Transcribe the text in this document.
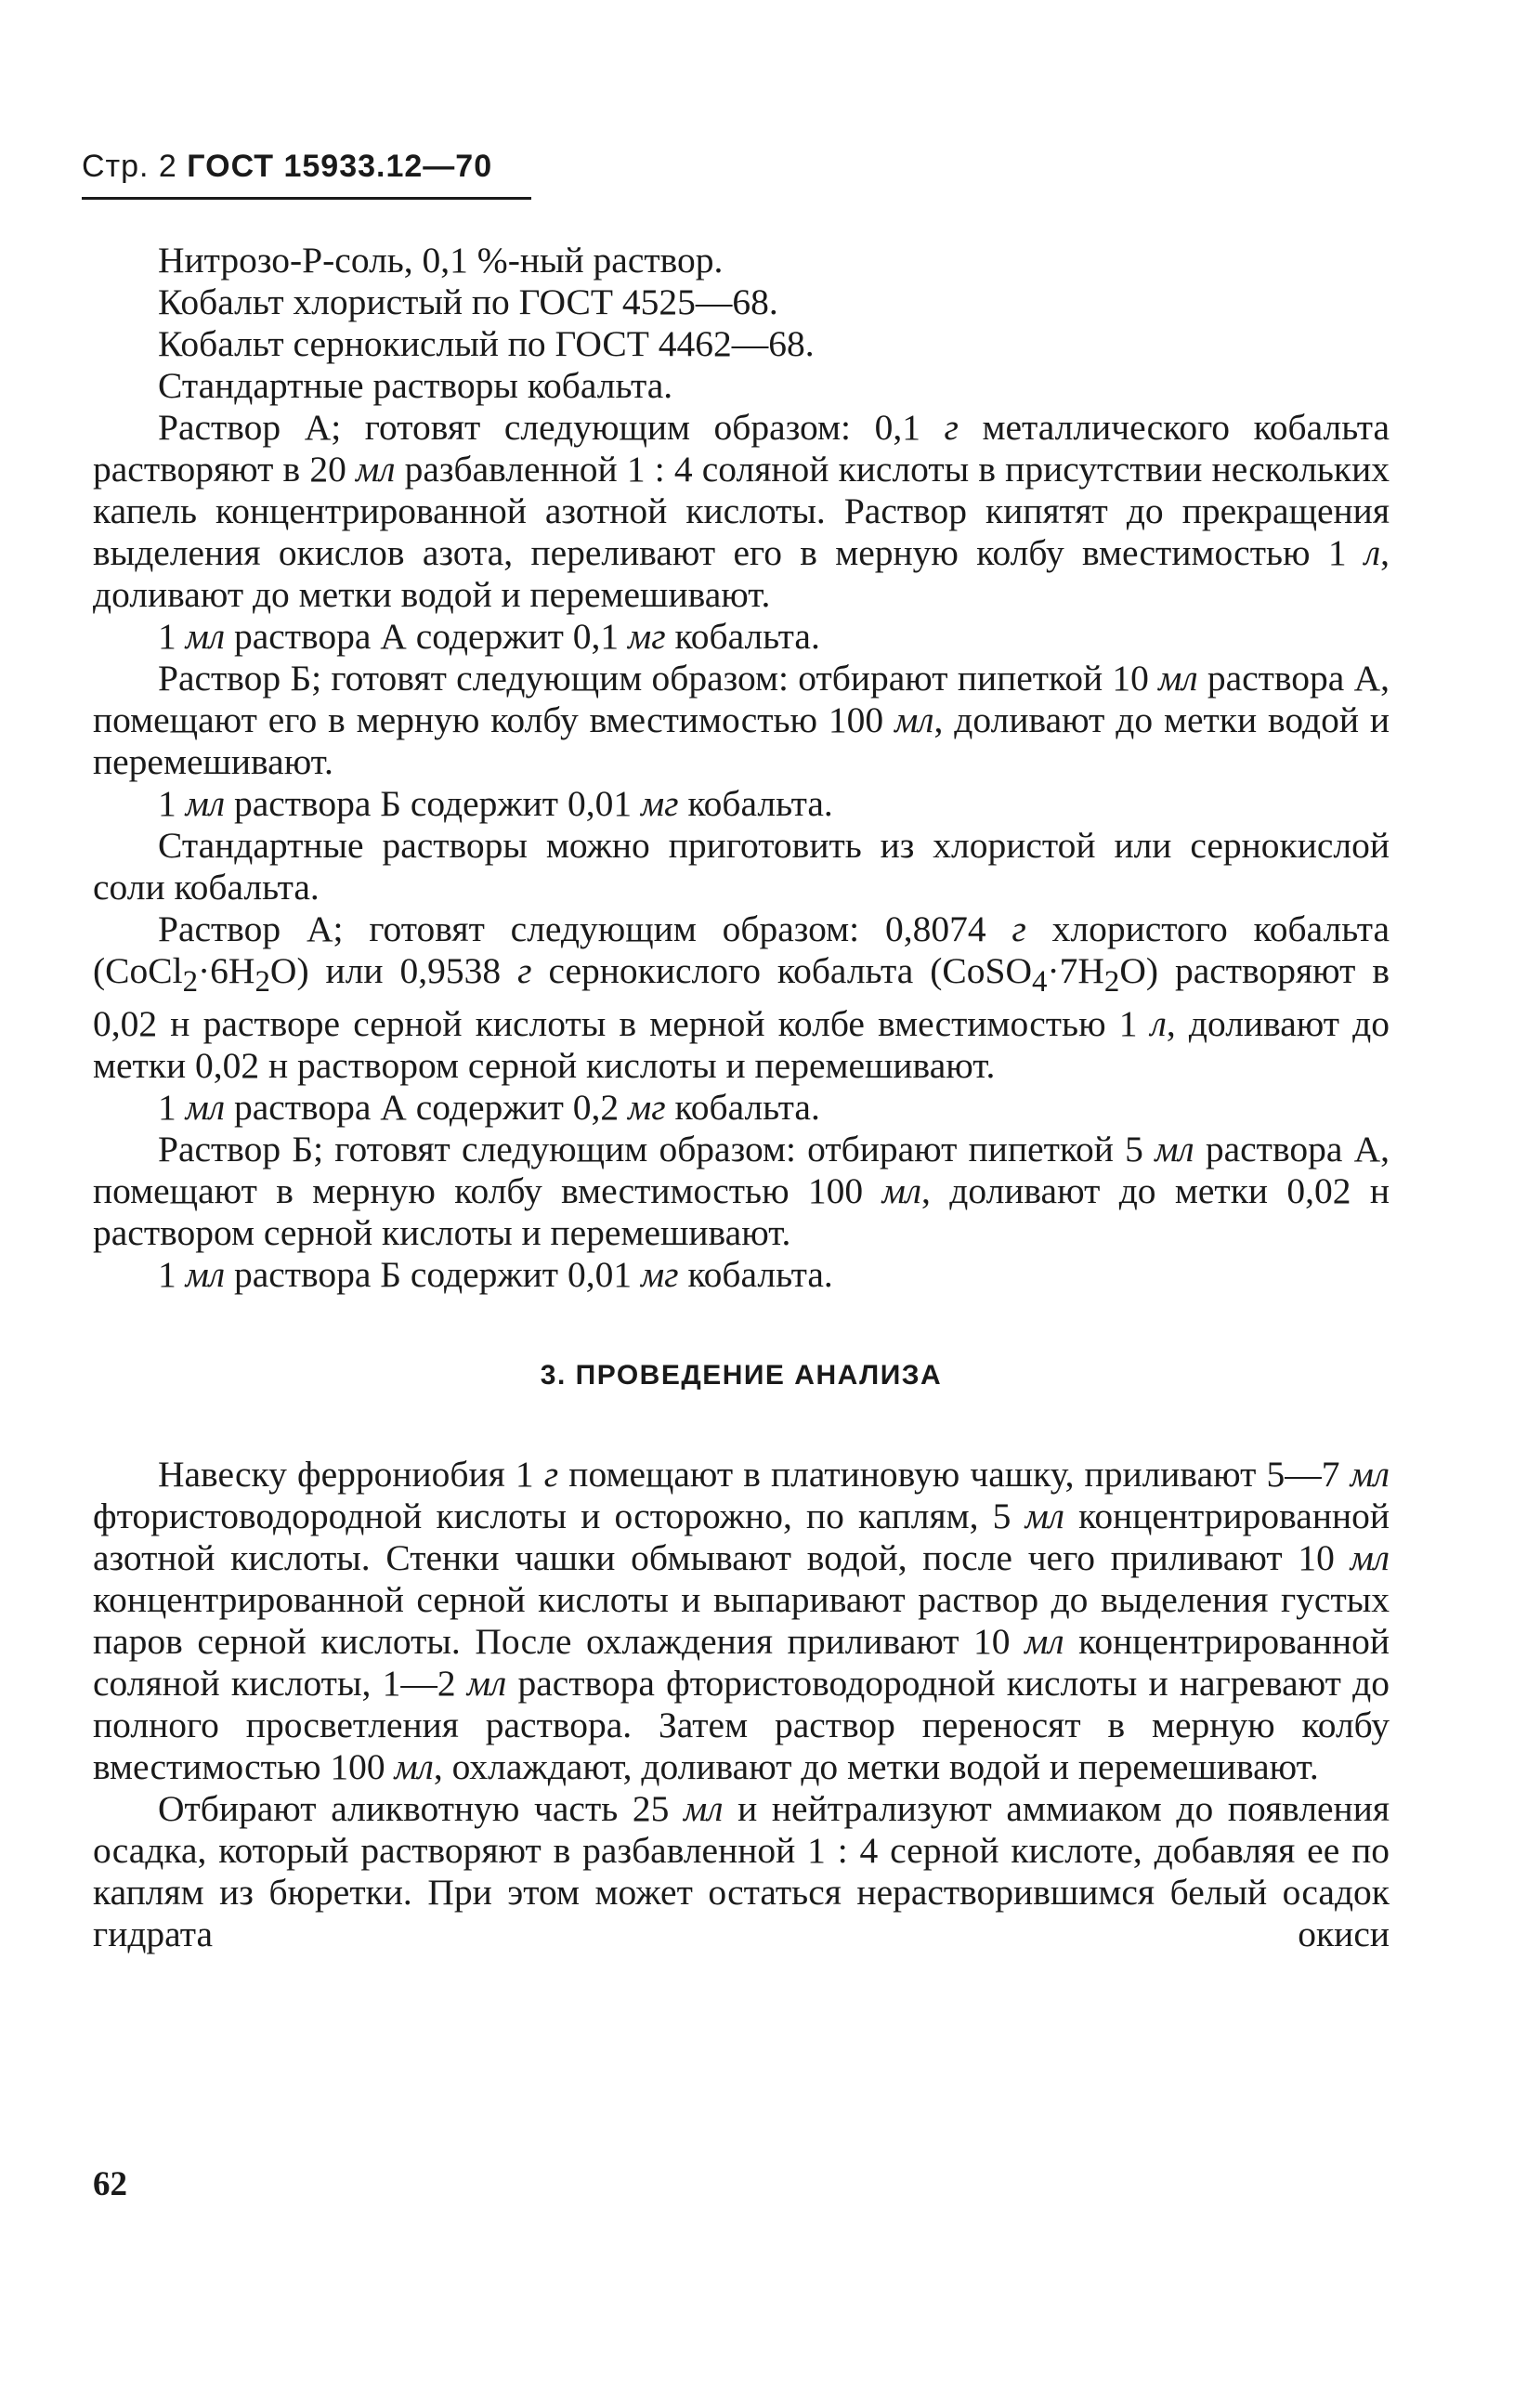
Стр. 2 ГОСТ 15933.12—70

Нитрозо-Р-соль, 0,1 %-ный раствор.

Кобальт хлористый по ГОСТ 4525—68.

Кобальт сернокислый по ГОСТ 4462—68.

Стандартные растворы кобальта.

Раствор А; готовят следующим образом: 0,1 г металлического кобальта растворяют в 20 мл разбавленной 1 : 4 соляной кислоты в присутствии нескольких капель концентрированной азотной кислоты. Раствор кипятят до прекращения выделения окислов азота, переливают его в мерную колбу вместимостью 1 л, доливают до метки водой и перемешивают.

1 мл раствора А содержит 0,1 мг кобальта.

Раствор Б; готовят следующим образом: отбирают пипеткой 10 мл раствора А, помещают его в мерную колбу вместимостью 100 мл, доливают до метки водой и перемешивают.

1 мл раствора Б содержит 0,01 мг кобальта.

Стандартные растворы можно приготовить из хлористой или сернокислой соли кобальта.

Раствор А; готовят следующим образом: 0,8074 г хлористого кобальта $(CoCl_2\cdot 6H_2O)$ или 0,9538 г сернокислого кобальта $(CoSO_4\cdot 7H_2O)$ растворяют в 0,02 н растворе серной кислоты в мерной колбе вместимостью 1 л, доливают до метки 0,02 н раствором серной кислоты и перемешивают.

1 мл раствора А содержит 0,2 мг кобальта.

Раствор Б; готовят следующим образом: отбирают пипеткой 5 мл раствора А, помещают в мерную колбу вместимостью 100 мл, доливают до метки 0,02 н раствором серной кислоты и перемешивают.

1 мл раствора Б содержит 0,01 мг кобальта.

3. ПРОВЕДЕНИЕ АНАЛИЗА

Навеску феррониобия 1 г помещают в платиновую чашку, приливают 5—7 мл фтористоводородной кислоты и осторожно, по каплям, 5 мл концентрированной азотной кислоты. Стенки чашки обмывают водой, после чего приливают 10 мл концентрированной серной кислоты и выпаривают раствор до выделения густых паров серной кислоты. После охлаждения приливают 10 мл концентрированной соляной кислоты, 1—2 мл раствора фтористоводородной кислоты и нагревают до полного просветления раствора. Затем раствор переносят в мерную колбу вместимостью 100 мл, охлаждают, доливают до метки водой и перемешивают.

Отбирают аликвотную часть 25 мл и нейтрализуют аммиаком до появления осадка, который растворяют в разбавленной 1 : 4 серной кислоте, добавляя ее по каплям из бюретки. При этом может остаться нерастворившимся белый осадок гидрата окиси

62
